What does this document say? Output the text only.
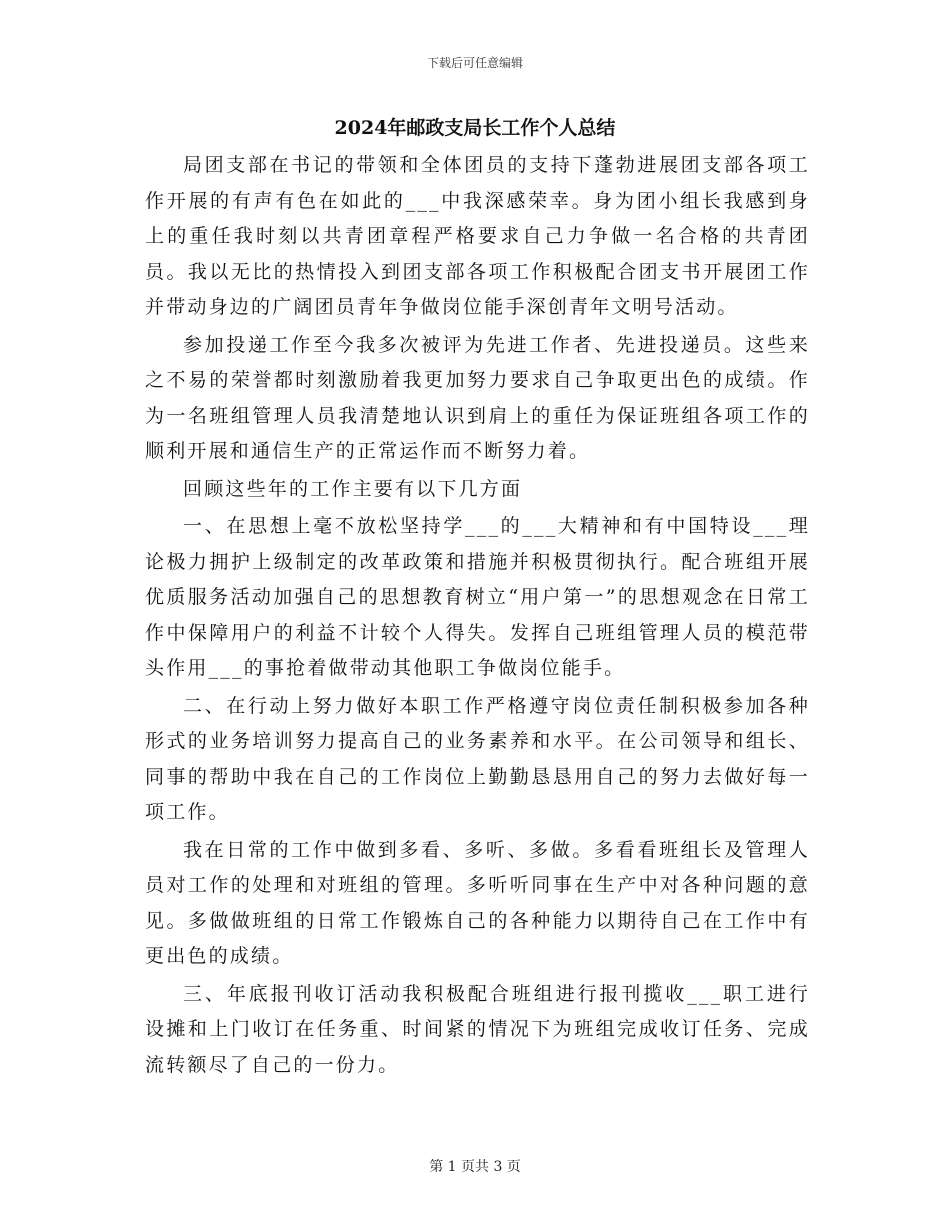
下载后可任意编辑
2024年邮政支局长工作个人总结

局团支部在书记的带领和全体团员的支持下蓬勃进展团支部各项工作开展的有声有色在如此的___中我深感荣幸。身为团小组长我感到身上的重任我时刻以共青团章程严格要求自己力争做一名合格的共青团员。我以无比的热情投入到团支部各项工作积极配合团支书开展团工作并带动身边的广阔团员青年争做岗位能手深创青年文明号活动。

参加投递工作至今我多次被评为先进工作者、先进投递员。这些来之不易的荣誉都时刻激励着我更加努力要求自己争取更出色的成绩。作为一名班组管理人员我清楚地认识到肩上的重任为保证班组各项工作的顺利开展和通信生产的正常运作而不断努力着。

回顾这些年的工作主要有以下几方面

一、在思想上毫不放松坚持学___的___大精神和有中国特设___理论极力拥护上级制定的改革政策和措施并积极贯彻执行。配合班组开展优质服务活动加强自己的思想教育树立“用户第一”的思想观念在日常工作中保障用户的利益不计较个人得失。发挥自己班组管理人员的模范带头作用___的事抢着做带动其他职工争做岗位能手。

二、在行动上努力做好本职工作严格遵守岗位责任制积极参加各种形式的业务培训努力提高自己的业务素养和水平。在公司领导和组长、同事的帮助中我在自己的工作岗位上勤勤恳恳用自己的努力去做好每一项工作。

我在日常的工作中做到多看、多听、多做。多看看班组长及管理人员对工作的处理和对班组的管理。多听听同事在生产中对各种问题的意见。多做做班组的日常工作锻炼自己的各种能力以期待自己在工作中有更出色的成绩。

三、年底报刊收订活动我积极配合班组进行报刊揽收___职工进行设摊和上门收订在任务重、时间紧的情况下为班组完成收订任务、完成流转额尽了自己的一份力。

第 1 页共 3 页
